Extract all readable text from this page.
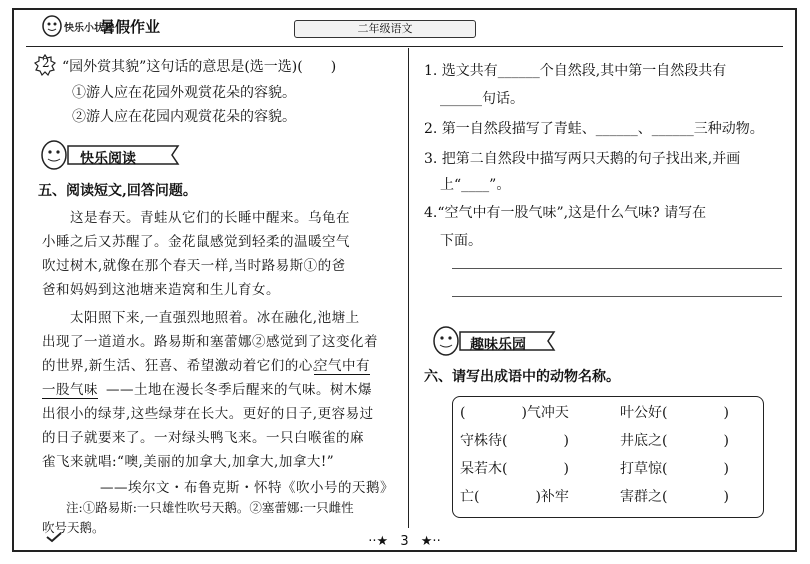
快乐小状元
暑假作业	二年级语文
2 “园外赏其貌”这句话的意思是(选一选)(　　)
①游人应在花园外观赏花朵的容貌。
②游人应在花园内观赏花朵的容貌。
快乐阅读
五、阅读短文,回答问题。
　　这是春天。青蛙从它们的长睡中醒来。乌龟在
小睡之后又苏醒了。金花鼠感觉到轻柔的温暖空气
吹过树木,就像在那个春天一样,当时路易斯①的爸
爸和妈妈到这池塘来造窝和生儿育女。
　　太阳照下来,一直强烈地照着。冰在融化,池塘上
出现了一道道水。路易斯和塞蕾娜②感觉到了这变化着
的世界,新生活、狂喜、希望激动着它们的心。
空气中有
一股气味 ——土地在漫长冬季后醒来的气味。树木爆
出很小的绿芽,这些绿芽在长大。更好的日子,更容易过
的日子就要来了。一对绿头鸭飞来。一只白喉雀的麻
雀飞来就唱:“噢,美丽的加拿大,加拿大,加拿大!”
——埃尔文・布鲁克斯・怀特《吹小号的天鹅》
注:①路易斯:一只雄性吹号天鹅。②塞蕾娜:一只雌性
吹号天鹅。
1. 选文共有______个自然段,其中第一自然段共有
______句话。
2. 第一自然段描写了青蛙、______、______三种动物。
3. 把第二自然段中描写两只天鹅的句子找出来,并画
上“____”。
4.“空气中有一股气味”,这是什么气味? 请写在
下面。
趣味乐园
六、请写出成语中的动物名称。
(　　　　)气冲天
守株待(　　　　)
呆若木(　　　　)
亡(　　　　)补牢
叶公好(　　　　)
井底之(　　　　)
打草惊(　　　　)
害群之(　　　　)
··★ 3 ★··
